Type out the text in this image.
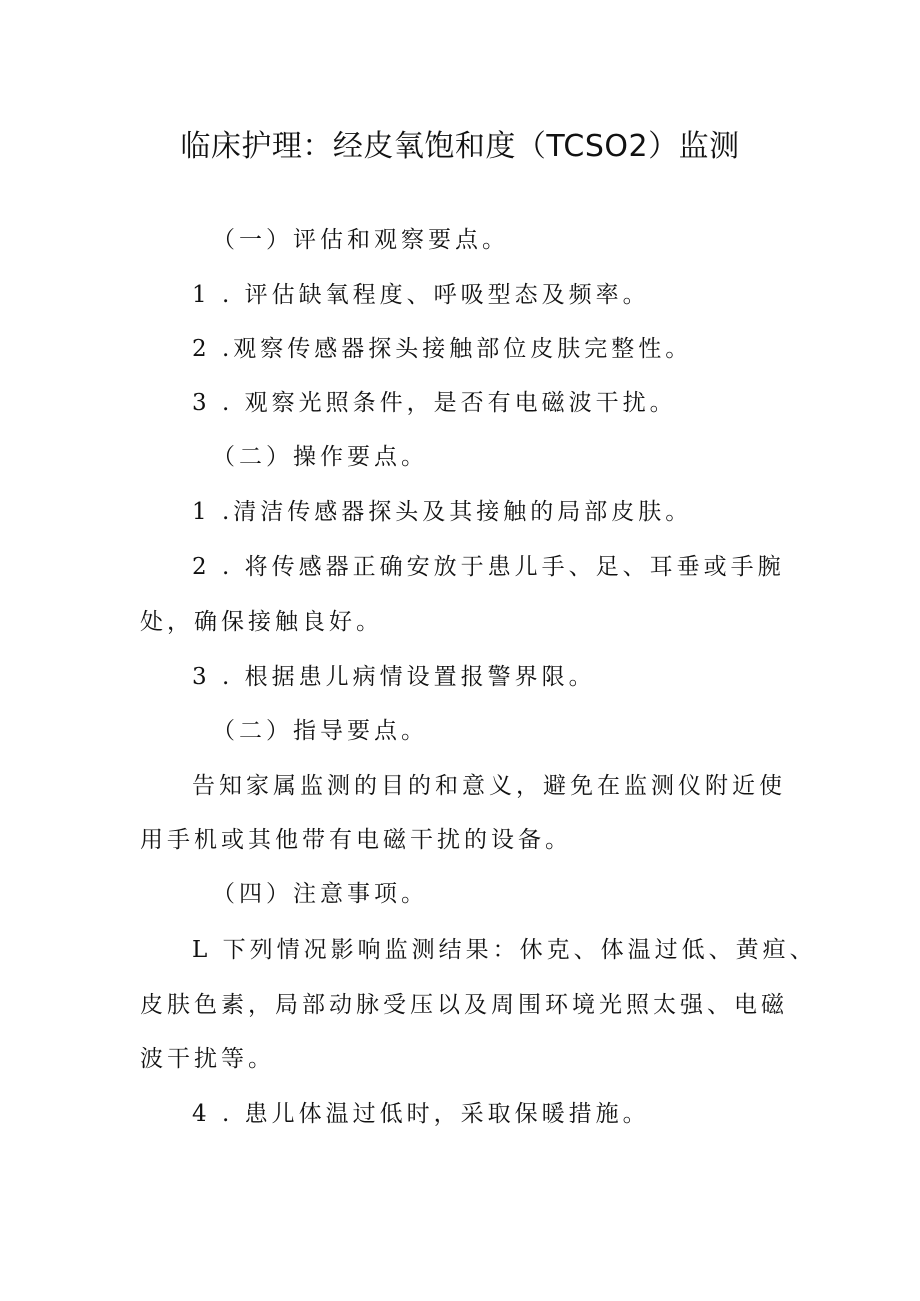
临床护理：经皮氧饱和度（TCSO2）监测

（一）评估和观察要点。

1 . 评估缺氧程度、呼吸型态及频率。

2 .观察传感器探头接触部位皮肤完整性。

3 . 观察光照条件，是否有电磁波干扰。

（二）操作要点。

1 .清洁传感器探头及其接触的局部皮肤。

2 . 将传感器正确安放于患儿手、足、耳垂或手腕

处，确保接触良好。

3 . 根据患儿病情设置报警界限。

（二）指导要点。

告知家属监测的目的和意义，避免在监测仪附近使

用手机或其他带有电磁干扰的设备。

（四）注意事项。

L 下列情况影响监测结果：休克、体温过低、黄疸、

皮肤色素，局部动脉受压以及周围环境光照太强、电磁

波干扰等。

4 . 患儿体温过低时，采取保暖措施。
